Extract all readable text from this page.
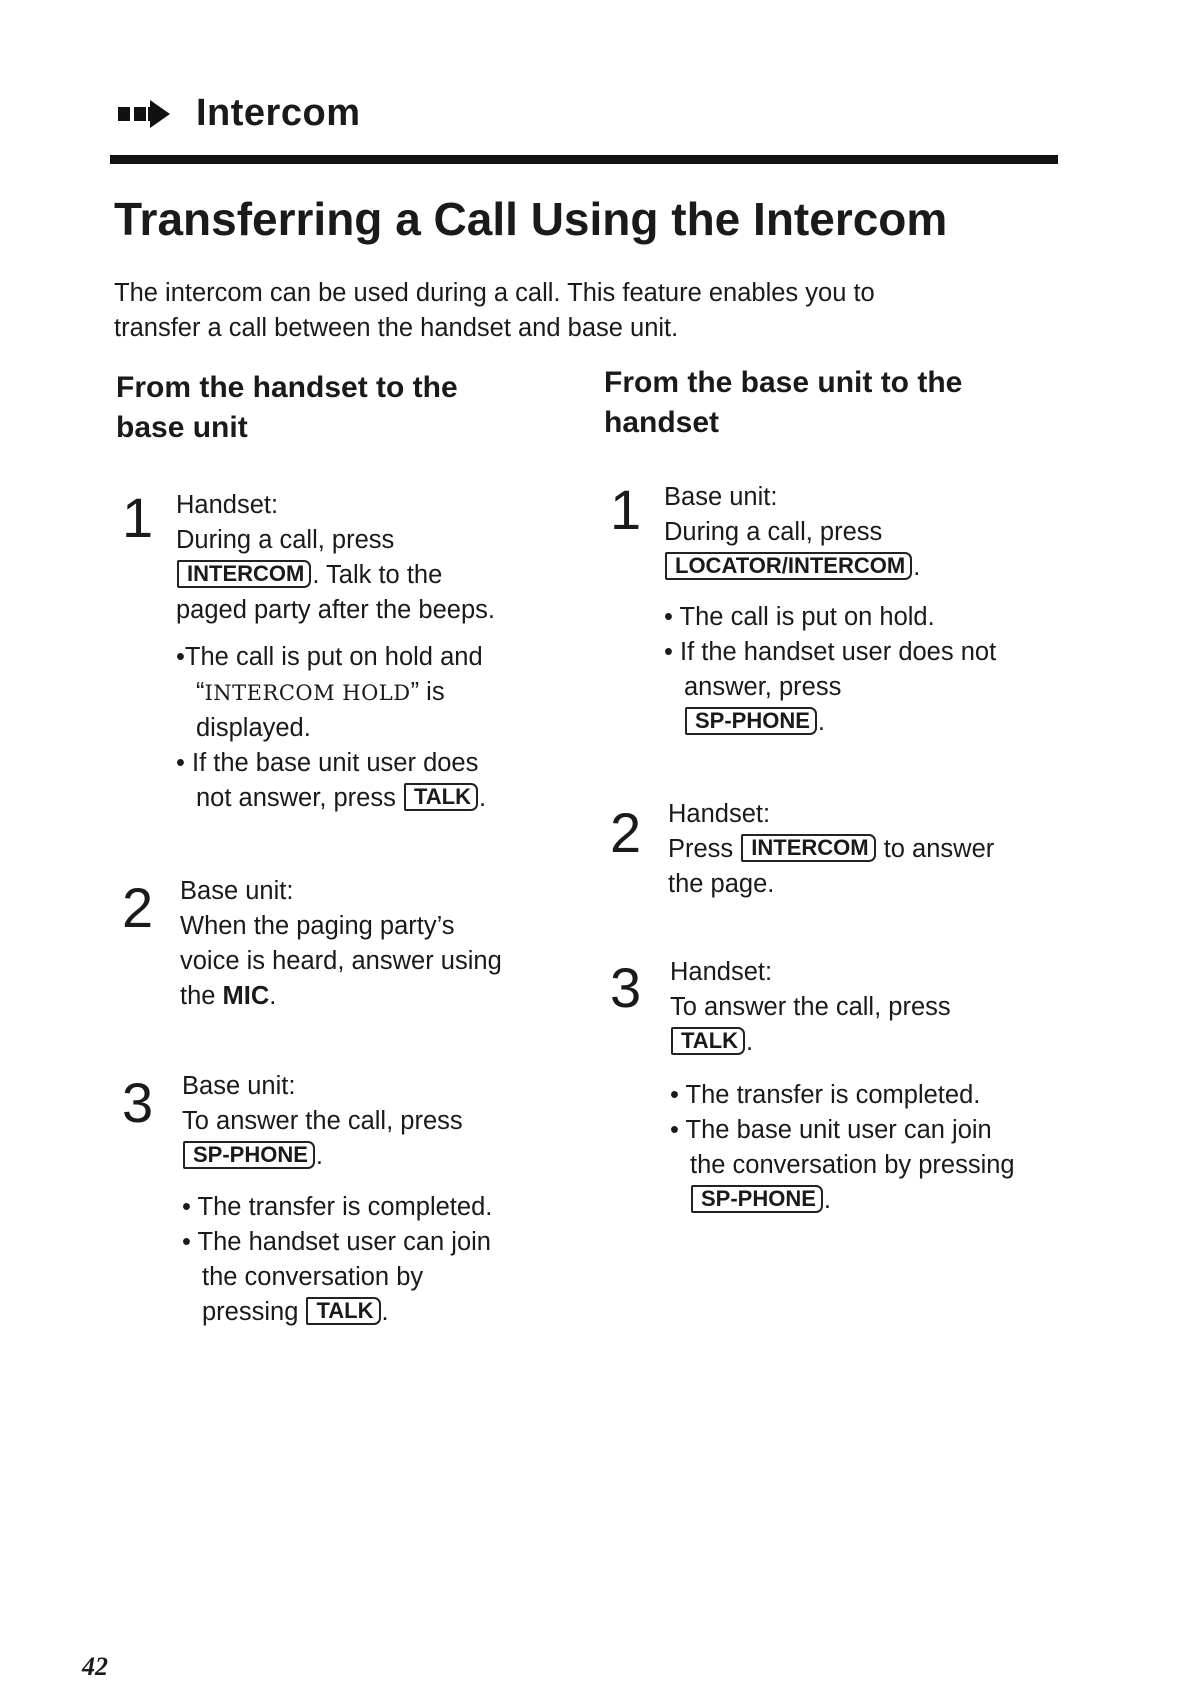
Intercom
Transferring a Call Using the Intercom

The intercom can be used during a call. This feature enables you to
transfer a call between the handset and base unit.

From the handset to the
base unit
1 Handset:
During a call, press
INTERCOM . Talk to the
paged party after the beeps.
•The call is put on hold and
“INTERCOM HOLD” is
displayed.
• If the base unit user does
not answer, press TALK .
2 Base unit:
When the paging party’s
voice is heard, answer using
the MIC.
3 Base unit:
To answer the call, press
SP-PHONE .
• The transfer is completed.
• The handset user can join
the conversation by
pressing TALK .
From the base unit to the
handset
1 Base unit:
During a call, press
LOCATOR/INTERCOM .
• The call is put on hold.
• If the handset user does not
answer, press
SP-PHONE .
2 Handset:
Press INTERCOM to answer
the page.
3 Handset:
To answer the call, press
TALK .
• The transfer is completed.
• The base unit user can join
the conversation by pressing
SP-PHONE .
42
